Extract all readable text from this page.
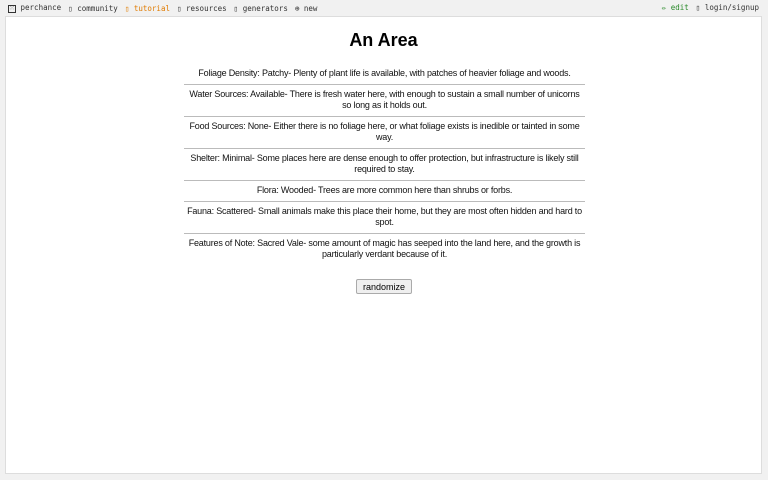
⁙ perchance ▯ community ▯ tutorial ▯ resources ▯ generators ⊕ new	✏ edit ▯ login/signup
An Area
Foliage Density: Patchy- Plenty of plant life is available, with patches of heavier foliage and woods.
Water Sources: Available- There is fresh water here, with enough to sustain a small number of unicorns so long as it holds out.
Food Sources: None- Either there is no foliage here, or what foliage exists is inedible or tainted in some way.
Shelter: Minimal- Some places here are dense enough to offer protection, but infrastructure is likely still required to stay.
Flora: Wooded- Trees are more common here than shrubs or forbs.
Fauna: Scattered- Small animals make this place their home, but they are most often hidden and hard to spot.
Features of Note: Sacred Vale- some amount of magic has seeped into the land here, and the growth is particularly verdant because of it.
randomize
